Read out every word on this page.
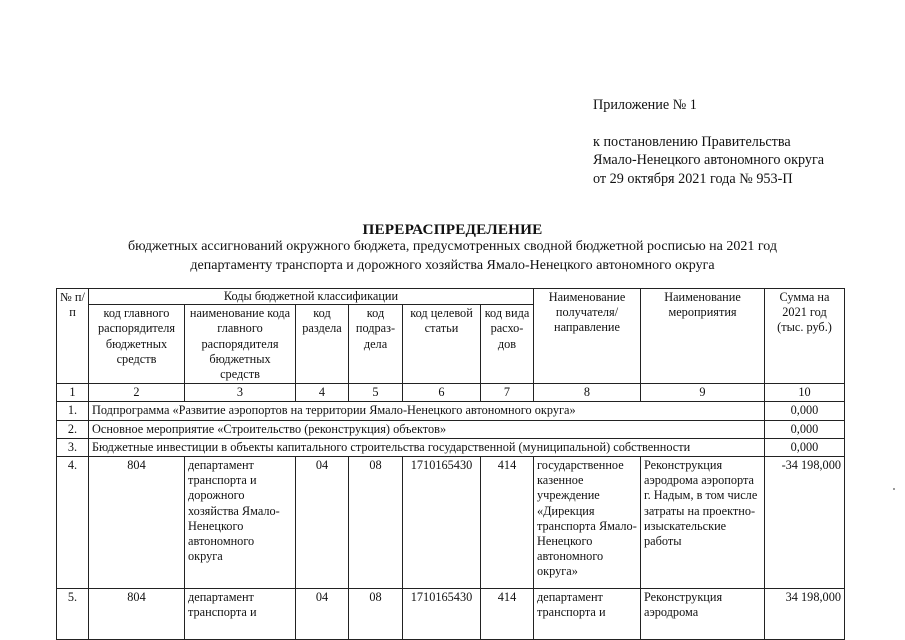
Приложение № 1
к постановлению Правительства
Ямало-Ненецкого автономного округа
от 29 октября 2021 года № 953-П
ПЕРЕРАСПРЕДЕЛЕНИЕ
бюджетных ассигнований окружного бюджета, предусмотренных сводной бюджетной росписью на 2021 год
департаменту транспорта и дорожного хозяйства Ямало-Ненецкого автономного округа
№ п/п	Коды бюджетной классификации						Наименование получателя/ направление	Наименование мероприятия	Сумма на 2021 год (тыс. руб.)
	код главного распорядителя бюджетных средств	наименование кода главного распорядителя бюджетных средств	код раздела	код подраз-дела	код целевой статьи	код вида расхо-дов			
1	2	3	4	5	6	7	8	9	10
1.	Подпрограмма «Развитие аэропортов на территории Ямало-Ненецкого автономного округа»								0,000
2.	Основное мероприятие «Строительство (реконструкция) объектов»								0,000
3.	Бюджетные инвестиции в объекты капитального строительства государственной (муниципальной) собственности								0,000
4.	804	департамент транспорта и дорожного хозяйства Ямало-Ненецкого автономного округа	04	08	1710165430	414	государственное казенное учреждение «Дирекция транспорта Ямало-Ненецкого автономного округа»	Реконструкция аэродрома аэропорта г. Надым, в том числе затраты на проектно-изыскательские работы	-34 198,000
5.	804	департамент транспорта и	04	08	1710165430	414	департамент транспорта и	Реконструкция аэродрома	34 198,000
